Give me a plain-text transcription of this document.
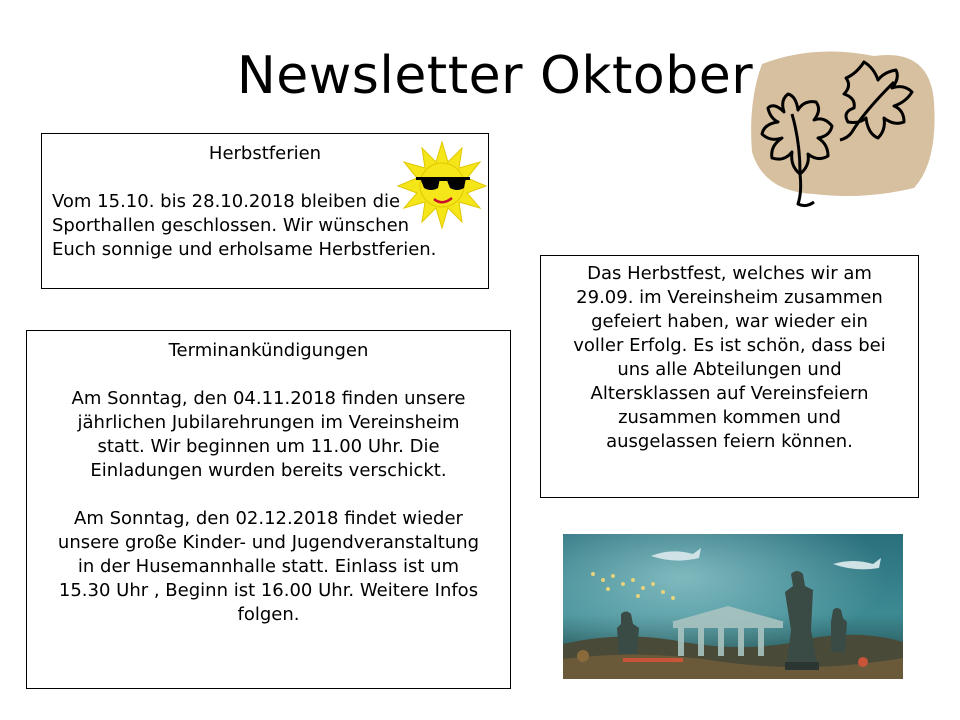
Newsletter Oktober

Herbstferien

Vom 15.10. bis 28.10.2018 bleiben die

Sporthallen geschlossen. Wir wünschen

Euch sonnige und erholsame Herbstferien.

Terminankündigungen

Am Sonntag, den 04.11.2018 finden unsere

jährlichen Jubilarehrungen im Vereinsheim

statt. Wir beginnen um 11.00 Uhr. Die

Einladungen wurden bereits verschickt.

Am Sonntag, den 02.12.2018 findet wieder

unsere große Kinder- und Jugendveranstaltung

in der Husemannhalle statt. Einlass ist um

15.30 Uhr , Beginn ist 16.00 Uhr. Weitere Infos

folgen.

Das Herbstfest, welches wir am

29.09. im Vereinsheim zusammen

gefeiert haben, war wieder ein

voller Erfolg. Es ist schön, dass bei

uns alle Abteilungen und

Altersklassen auf Vereinsfeiern

zusammen kommen und

ausgelassen feiern können.
